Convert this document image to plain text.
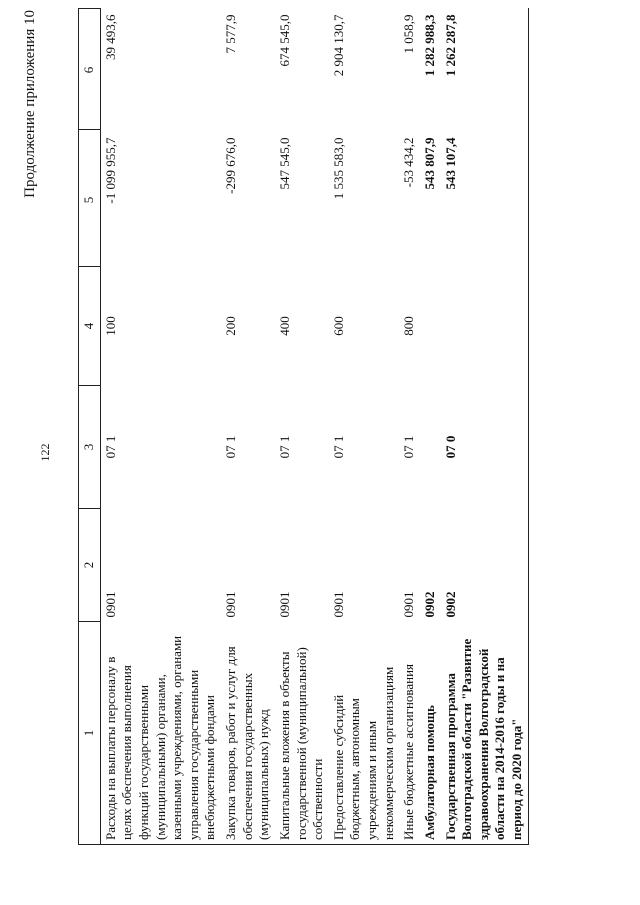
122
Продолжение приложения 10
1	2	3	4	5	6
Расходы на выплаты персоналу в целях обеспечения выполнения функций государственными (муниципальными) органами, казенными учреждениями, органами управления государственными внебюджетными фондами	0901	07 1	100	-1 099 955,7	39 493,6
Закупка товаров, работ и услуг для обеспечения государственных (муниципальных) нужд	0901	07 1	200	-299 676,0	7 577,9
Капитальные вложения в объекты государственной (муниципальной) собственности	0901	07 1	400	547 545,0	674 545,0
Предоставление субсидий бюджетным, автономным учреждениям и иным некоммерческим организациям	0901	07 1	600	1 535 583,0	2 904 130,7
Иные бюджетные ассигнования	0901	07 1	800	-53 434,2	1 058,9
Амбулаторная помощь	0902			543 807,9	1 282 988,3
Государственная программа Волгоградской области "Развитие здравоохранения Волгоградской области на 2014-2016 годы и на период до 2020 года"	0902	07 0		543 107,4	1 262 287,8
